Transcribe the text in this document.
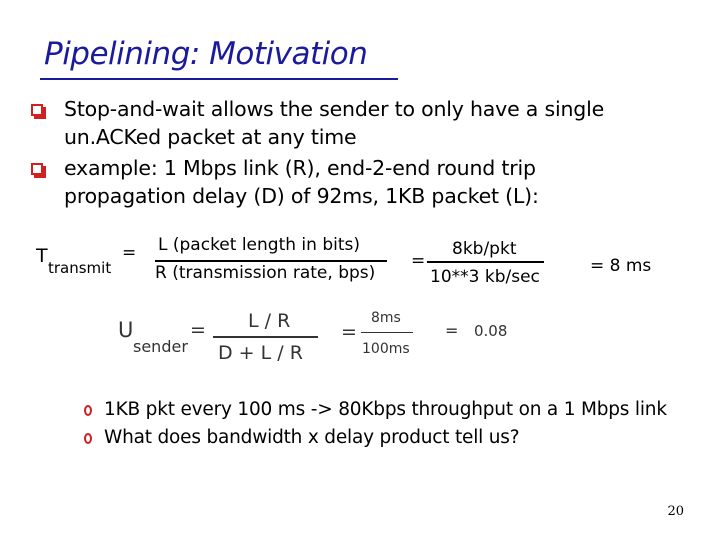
Pipelining: Motivation
Stop-and-wait allows the sender to only have a single
un.ACKed packet at any time
example: 1 Mbps link (R), end-2-end round trip
propagation delay (D) of 92ms, 1KB packet (L):
T
transmit
= L (packet length in bits)
R (transmission rate, bps)
=
8kb/pkt
10**3 kb/sec
= 8 ms
U
sender
= L / R
D + L / R
=
8ms
100ms
= 0.08
1KB pkt every 100 ms -> 80Kbps throughput on a 1 Mbps link
What does bandwidth x delay product tell us?
20
